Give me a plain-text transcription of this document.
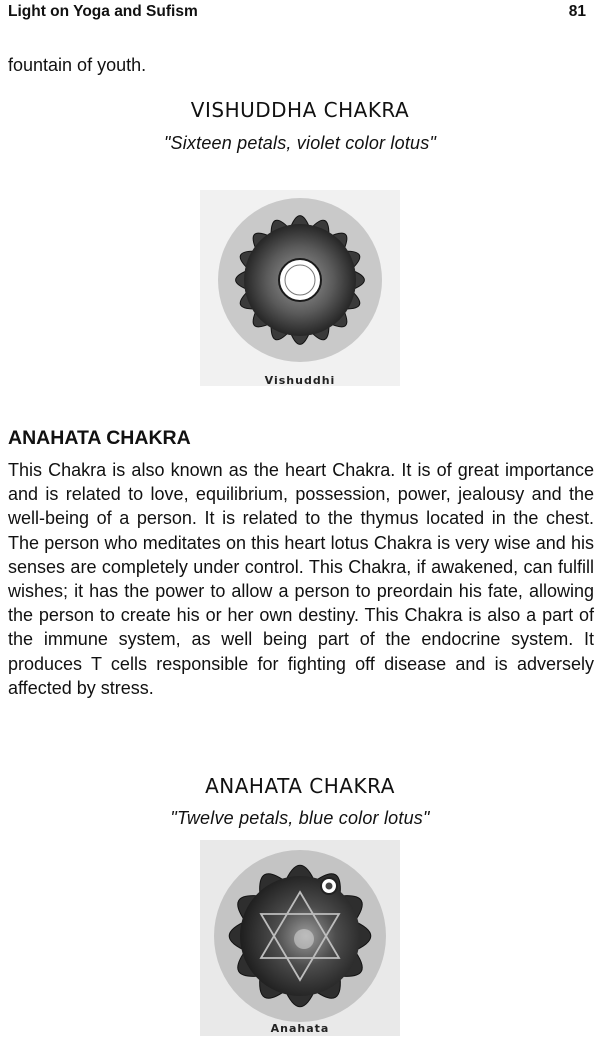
Light on Yoga and Sufism	81
fountain of youth.
VISHUDDHA CHAKRA
"Sixteen petals, violet color lotus"
Vishuddhi
ANAHATA CHAKRA
This Chakra is also known as the heart Chakra. It is of great importance and is related to love, equilibrium, possession, power, jealousy and the well-being of a person. It is related to the thymus located in the chest. The person who meditates on this heart lotus Chakra is very wise and his senses are completely under control. This Chakra, if awakened, can fulfill wishes; it has the power to allow a person to preordain his fate, allowing the person to create his or her own destiny. This Chakra is also a part of the immune system, as well being part of the endocrine system. It produces T cells responsible for fighting off disease and is adversely affected by stress.
ANAHATA CHAKRA
"Twelve petals, blue color lotus"
Anahata
